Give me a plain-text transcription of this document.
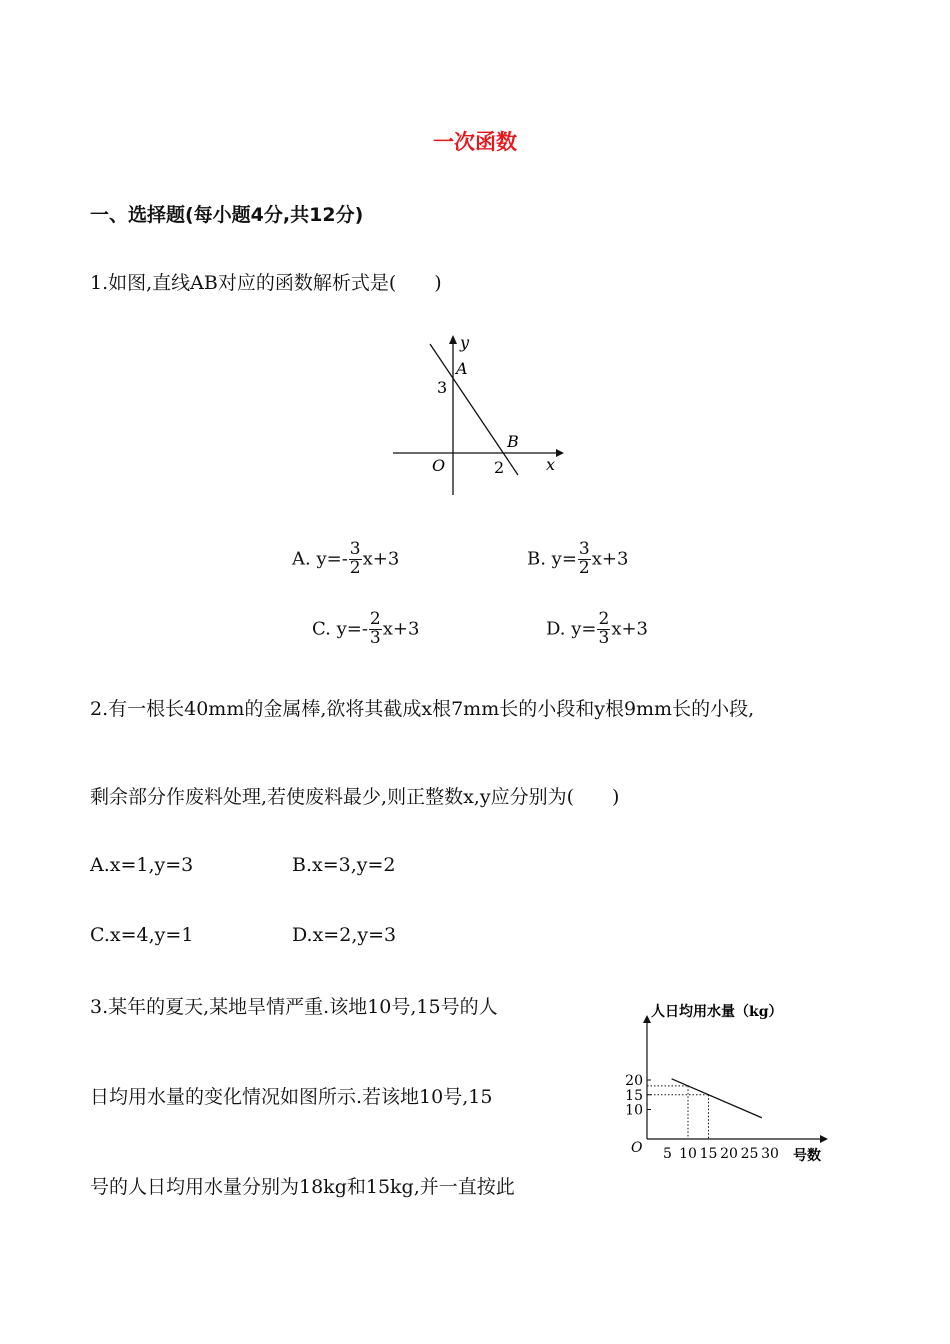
一次函数
一、选择题(每小题4分,共12分)
1.如图,直线AB对应的函数解析式是(　　)
y
x
A
B
O
3
2
A. $y=- \frac{3}{2} x+3$	B. $y= \frac{3}{2} x+3$
C. $y=- \frac{2}{3} x+3$	D. $y= \frac{2}{3} x+3$
2.有一根长40mm的金属棒,欲将其截成x根7mm长的小段和y根9mm长的小段,
剩余部分作废料处理,若使废料最少,则正整数x,y应分别为(　　)
A.x=1,y=3	B.x=3,y=2
C.x=4,y=1	D.x=2,y=3
3.某年的夏天,某地旱情严重.该地10号,15号的人
日均用水量的变化情况如图所示.若该地10号,15
号的人日均用水量分别为18kg和15kg,并一直按此
5 10 15 20 25 30
10
15
20
人日均用水量（kg）
号数
O
